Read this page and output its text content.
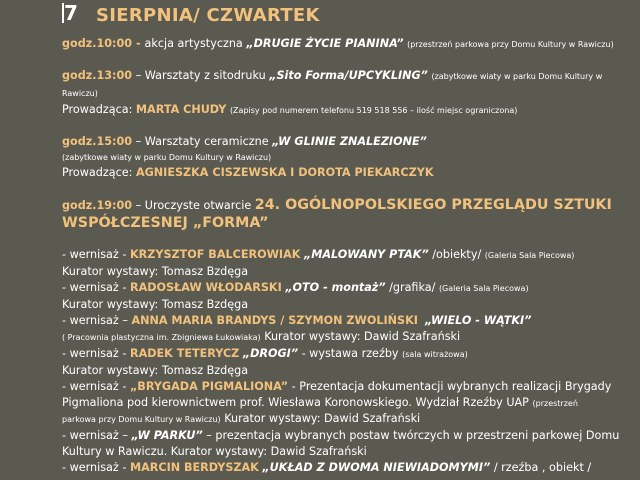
7	SIERPNIA/ CZWARTEK

godz.10:00 - akcja artystyczna „DRUGIE ŻYCIE PIANINA” (przestrzeń parkowa przy Domu Kultury w Rawiczu)

godz.13:00 – Warsztaty z sitodruku „Sito Forma/UPCYKLING” (zabytkowe wiaty w parku Domu Kultury w Rawiczu)

Prowadząca: MARTA CHUDY (Zapisy pod numerem telefonu 519 518 556 – ilość miejsc ograniczona)

godz.15:00 – Warsztaty ceramiczne „W GLINIE ZNALEZIONE”

(zabytkowe wiaty w parku Domu Kultury w Rawiczu)

Prowadzące: AGNIESZKA CISZEWSKA I DOROTA PIEKARCZYK

godz.19:00 – Uroczyste otwarcie 24. OGÓLNOPOLSKIEGO PRZEGLĄDU SZTUKI

WSPÓŁCZESNEJ „FORMA”

- wernisaż - KRZYSZTOF BALCEROWIAK „MALOWANY PTAK” /obiekty/ (Galeria Sala Piecowa)

Kurator wystawy: Tomasz Bzdęga

- wernisaż - RADOSŁAW WŁODARSKI „OTO - montaż” /grafika/ (Galeria Sala Piecowa)

Kurator wystawy: Tomasz Bzdęga

- wernisaż – ANNA MARIA BRANDYS / SZYMON ZWOLIŃSKI „WIELO - WĄTKI”

( Pracownia plastyczna im. Zbigniewa Łukowiaka) Kurator wystawy: Dawid Szafrański

- wernisaż - RADEK TETERYCZ „DROGI” - wystawa rzeźby (sala witrażowa)

Kurator wystawy: Tomasz Bzdęga

- wernisaż - „BRYGADA PIGMALIONA” - Prezentacja dokumentacji wybranych realizacji Brygady

Pigmaliona pod kierownictwem prof. Wiesława Koronowskiego. Wydział Rzeźby UAP (przestrzeń

parkowa przy Domu Kultury w Rawiczu) Kurator wystawy: Dawid Szafrański

- wernisaż – „W PARKU” – prezentacja wybranych postaw twórczych w przestrzeni parkowej Domu

Kultury w Rawiczu. Kurator wystawy: Dawid Szafrański

- wernisaż - MARCIN BERDYSZAK „UKŁAD Z DWOMA NIEWIADOMYMI” / rzeźba , obiekt /
